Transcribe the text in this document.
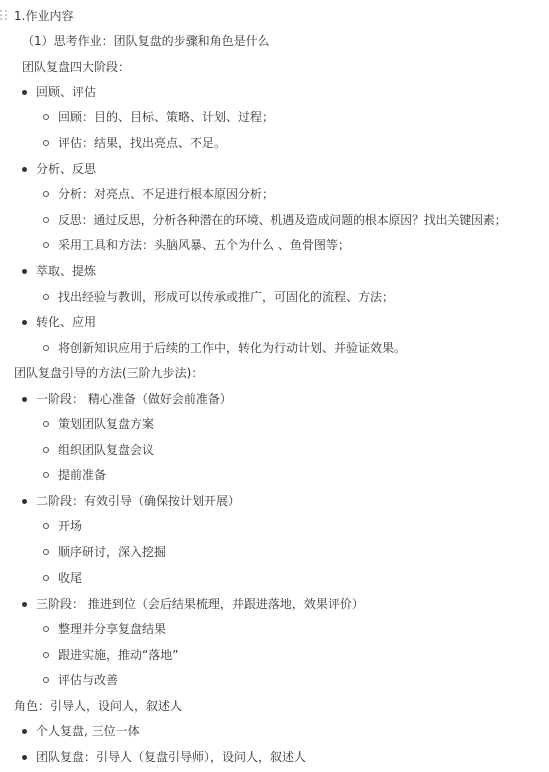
1.作业内容
（1）思考作业：团队复盘的步骤和角色是什么
团队复盘四大阶段：
回顾、评估
回顾：目的、目标、策略、计划、过程；
评估：结果，找出亮点、不足。
分析、反思
分析：对亮点、不足进行根本原因分析；
反思：通过反思，分析各种潜在的环境、机遇及造成问题的根本原因？找出关键因素；
采用工具和方法：头脑风暴、五个为什么 、鱼骨图等；
萃取、提炼
找出经验与教训，形成可以传承或推广，可固化的流程、方法；
转化、应用
将创新知识应用于后续的工作中，转化为行动计划、并验证效果。
团队复盘引导的方法(三阶九步法)：
一阶段： 精心准备（做好会前准备）
策划团队复盘方案
组织团队复盘会议
提前准备
二阶段：有效引导（确保按计划开展）
开场
顺序研讨，深入挖掘
收尾
三阶段： 推进到位（会后结果梳理，并跟进落地，效果评价）
整理并分享复盘结果
跟进实施，推动“落地”
评估与改善
角色：引导人，设问人，叙述人
个人复盘, 三位一体
团队复盘：引导人（复盘引导师），设问人，叙述人
